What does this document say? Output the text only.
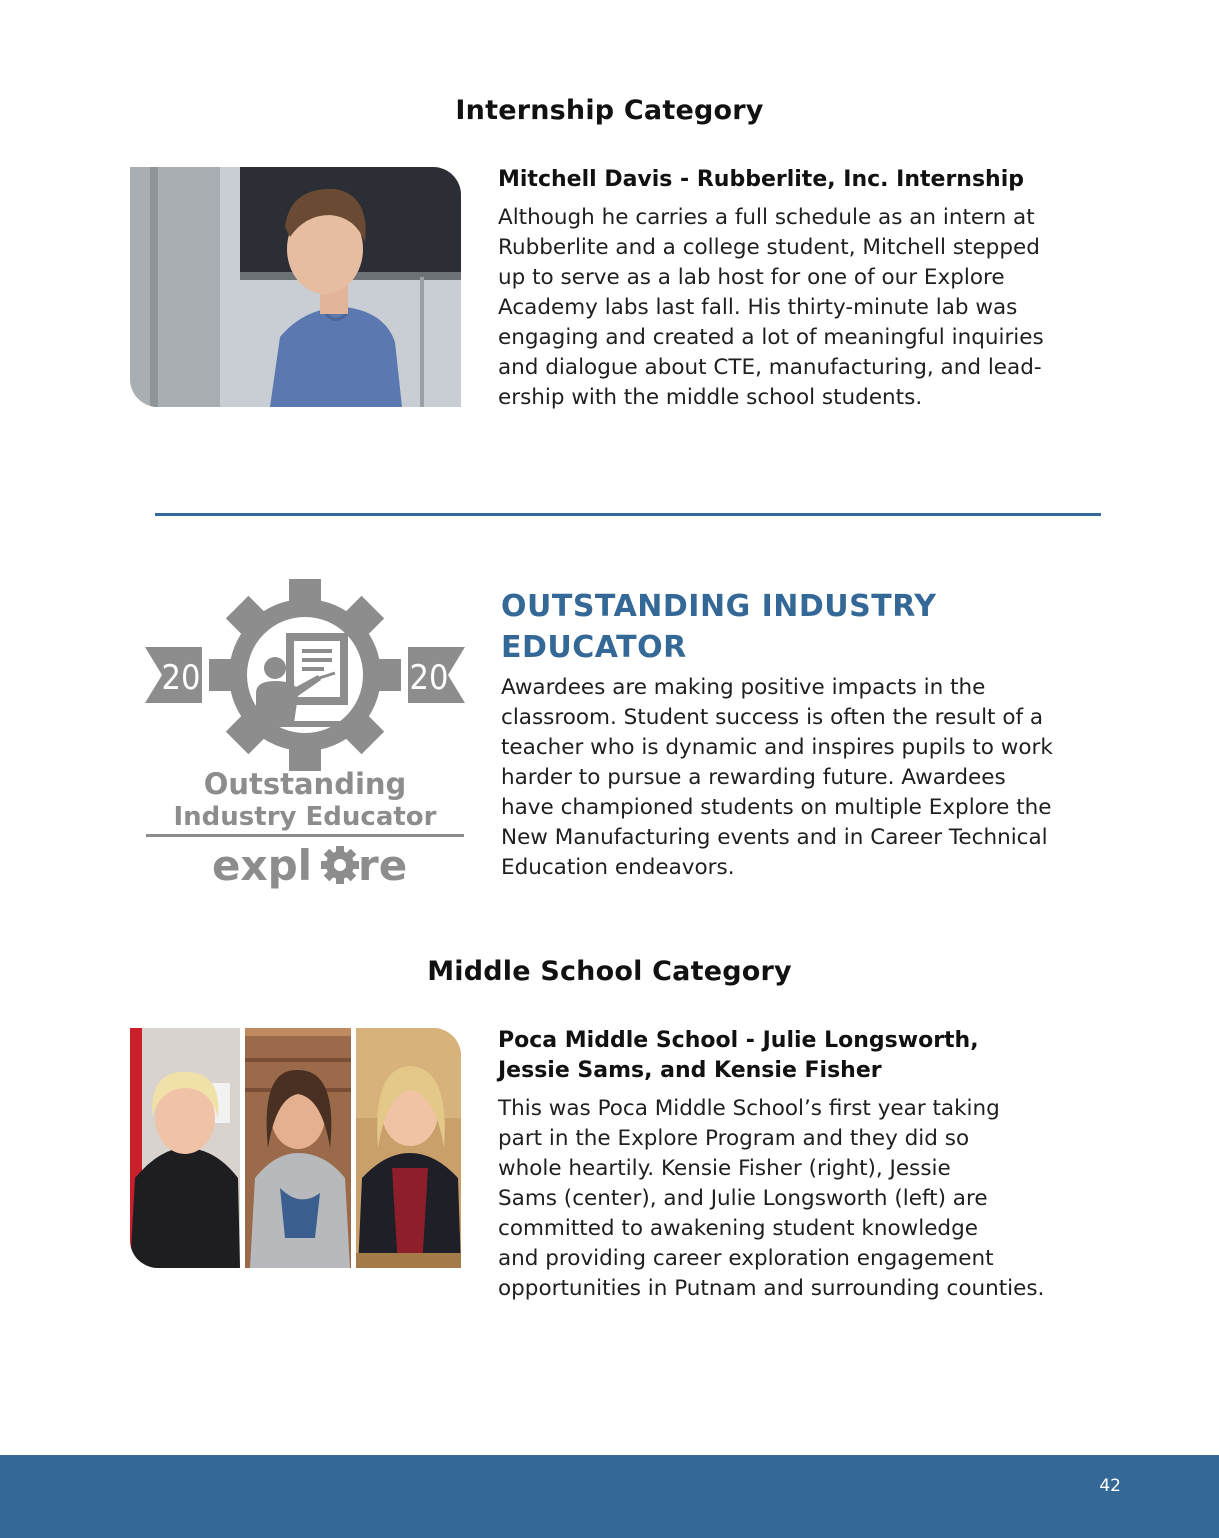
Internship Category
Mitchell Davis - Rubberlite, Inc. Internship
Although he carries a full schedule as an intern at
Rubberlite and a college student, Mitchell stepped
up to serve as a lab host for one of our Explore
Academy labs last fall. His thirty-minute lab was
engaging and created a lot of meaningful inquiries
and dialogue about CTE, manufacturing, and lead-
ership with the middle school students.
20	20
Outstanding
Industry Educator
expl re
OUTSTANDING INDUSTRY
EDUCATOR
Awardees are making positive impacts in the
classroom. Student success is often the result of a
teacher who is dynamic and inspires pupils to work
harder to pursue a rewarding future. Awardees
have championed students on multiple Explore the
New Manufacturing events and in Career Technical
Education endeavors.
Middle School Category
Poca Middle School - Julie Longsworth,
Jessie Sams, and Kensie Fisher
This was Poca Middle School’s first year taking
part in the Explore Program and they did so
whole heartily. Kensie Fisher (right), Jessie
Sams (center), and Julie Longsworth (left) are
committed to awakening student knowledge
and providing career exploration engagement
opportunities in Putnam and surrounding counties.
42
